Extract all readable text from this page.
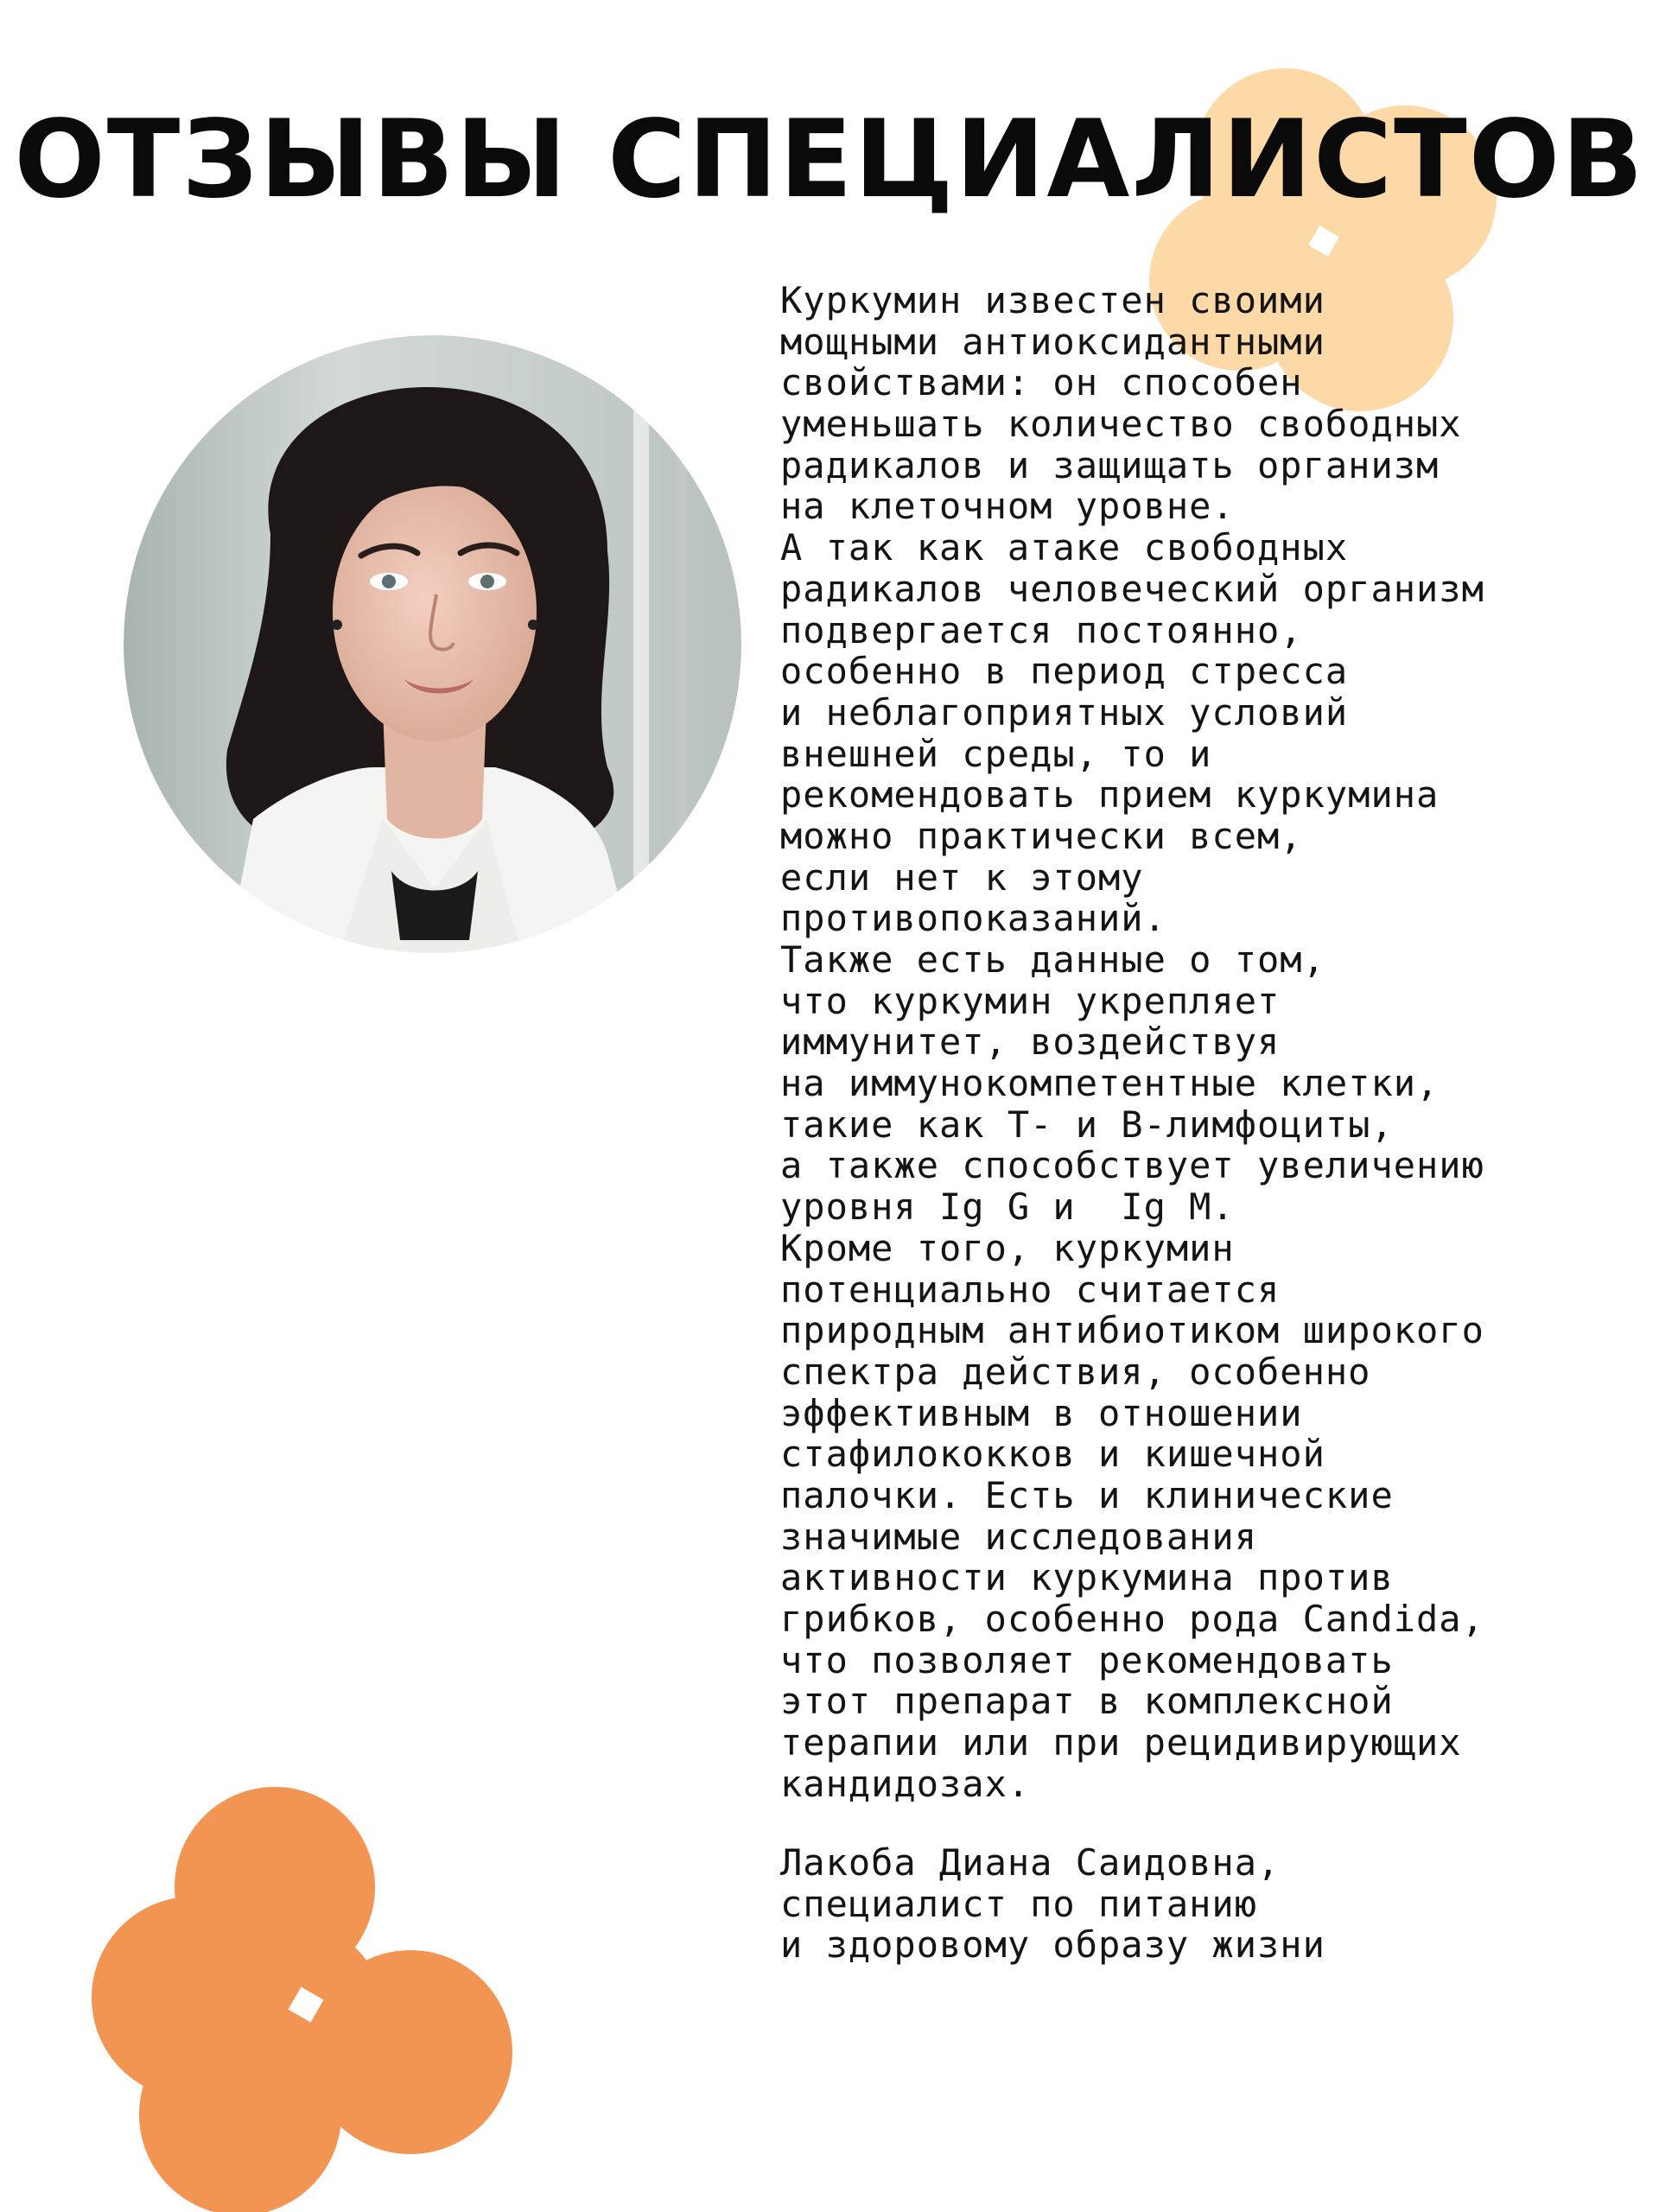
ОТЗЫВЫ СПЕЦИАЛИСТОВ
Куркумин известен своими
мощными антиоксидантными
свойствами: он способен
уменьшать количество свободных
радикалов и защищать организм
на клеточном уровне.
А так как атаке свободных
радикалов человеческий организм
подвергается постоянно,
особенно в период стресса
и неблагоприятных условий
внешней среды, то и
рекомендовать прием куркумина
можно практически всем,
если нет к этому
противопоказаний.
Также есть данные о том,
что куркумин укрепляет
иммунитет, воздействуя
на иммунокомпетентные клетки,
такие как Т- и В-лимфоциты,
а также способствует увеличению
уровня Ig G и  Ig M.
Кроме того, куркумин
потенциально считается
природным антибиотиком широкого
спектра действия, особенно
эффективным в отношении
стафилококков и кишечной
палочки. Есть и клинические
значимые исследования
активности куркумина против
грибков, особенно рода Candida,
что позволяет рекомендовать
этот препарат в комплексной
терапии или при рецидивирующих
кандидозах.
Лакоба Диана Саидовна,
специалист по питанию
и здоровому образу жизни
